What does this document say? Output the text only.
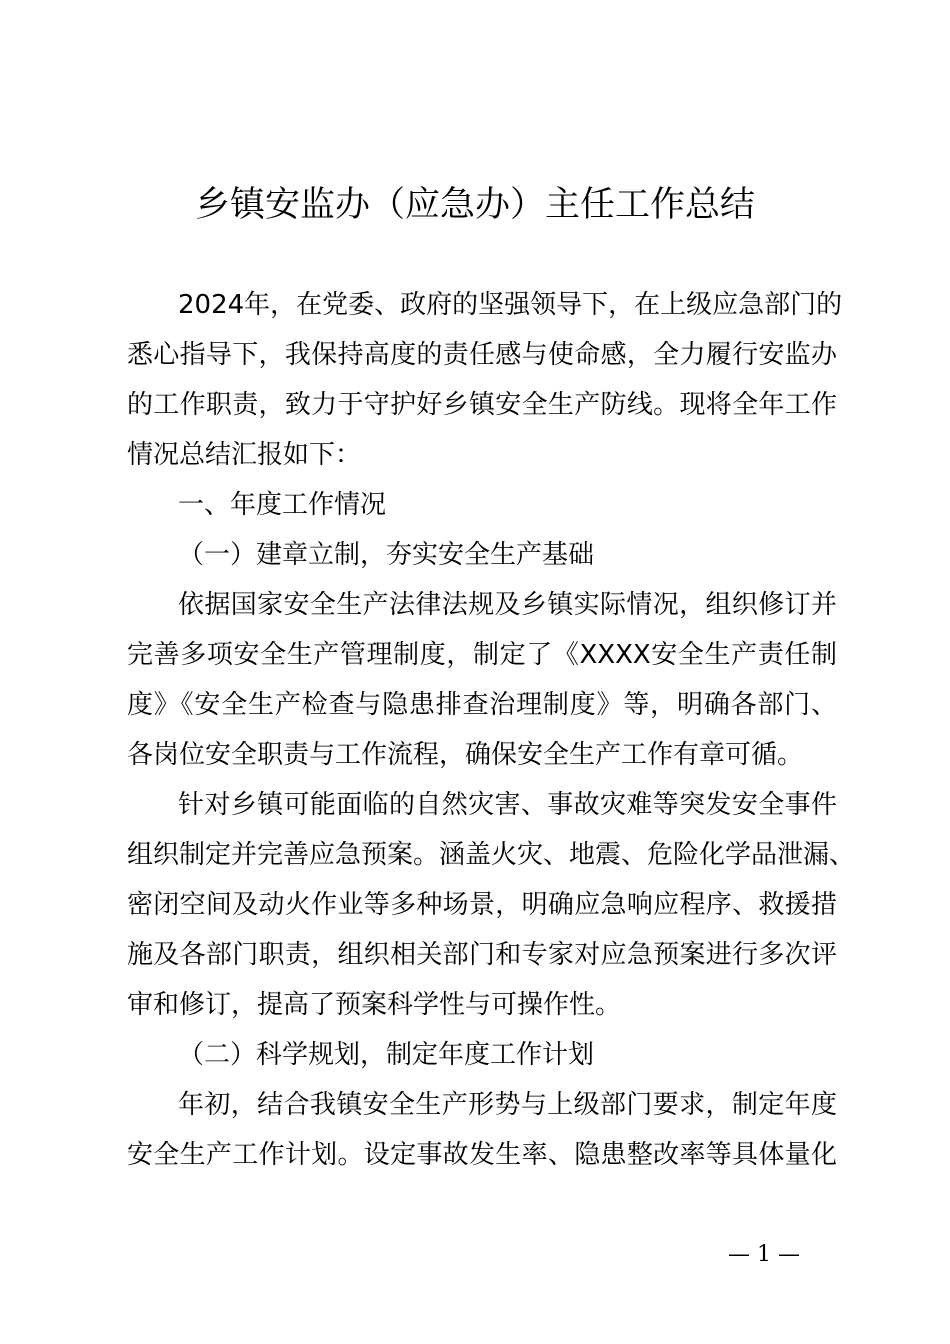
乡镇安监办（应急办）主任工作总结
2024年，在党委、政府的坚强领导下，在上级应急部门的
悉心指导下，我保持高度的责任感与使命感，全力履行安监办
的工作职责，致力于守护好乡镇安全生产防线。现将全年工作
情况总结汇报如下：
一、年度工作情况
（一）建章立制，夯实安全生产基础
依据国家安全生产法律法规及乡镇实际情况，组织修订并
完善多项安全生产管理制度，制定了《XXXX安全生产责任制
度》《安全生产检查与隐患排查治理制度》等，明确各部门、
各岗位安全职责与工作流程，确保安全生产工作有章可循。
针对乡镇可能面临的自然灾害、事故灾难等突发安全事件
组织制定并完善应急预案。涵盖火灾、地震、危险化学品泄漏、
密闭空间及动火作业等多种场景，明确应急响应程序、救援措
施及各部门职责，组织相关部门和专家对应急预案进行多次评
审和修订，提高了预案科学性与可操作性。
（二）科学规划，制定年度工作计划
年初，结合我镇安全生产形势与上级部门要求，制定年度
安全生产工作计划。设定事故发生率、隐患整改率等具体量化
— 1 —
